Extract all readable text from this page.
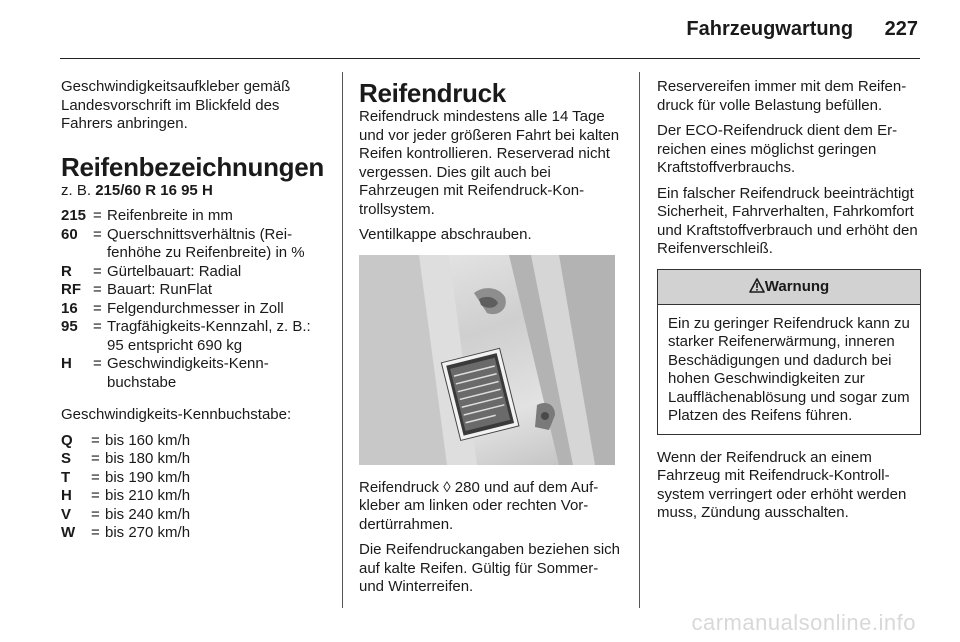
Fahrzeugwartung 227

Geschwindigkeitsaufkleber gemäß Landesvorschrift im Blickfeld des Fahrers anbringen.

Reifenbezeichnungen

z. B. 215/60 R 16 95 H

215 = Reifenbreite in mm
60	= Querschnittsverhältnis (Reifenhöhe zu Reifenbreite) in %
R	= Gürtelbauart: Radial
RF = Bauart: RunFlat
16	= Felgendurchmesser in Zoll
95	= Tragfähigkeits-Kennzahl, z. B.: 95 entspricht 690 kg
H	= Geschwindigkeits-Kennbuchstabe

Geschwindigkeits-Kennbuchstabe:

Q	= bis 160 km/h
S	= bis 180 km/h
T	= bis 190 km/h
H	= bis 210 km/h
V	= bis 240 km/h
W	= bis 270 km/h
Reifendruck

Reifendruck mindestens alle 14 Tage und vor jeder größeren Fahrt bei kalten Reifen kontrollieren. Reserverad nicht vergessen. Dies gilt auch bei Fahrzeugen mit Reifendruck-Kontrollsystem.

Ventilkappe abschrauben.

Reifendruck ◊ 280 und auf dem Aufkleber am linken oder rechten Vordertürrahmen.

Die Reifendruckangaben beziehen sich auf kalte Reifen. Gültig für Sommer- und Winterreifen.

Reservereifen immer mit dem Reifendruck für volle Belastung befüllen.

Der ECO-Reifendruck dient dem Erreichen eines möglichst geringen Kraftstoffverbrauchs.

Ein falscher Reifendruck beeinträchtigt Sicherheit, Fahrverhalten, Fahrkomfort und Kraftstoffverbrauch und erhöht den Reifenverschleiß.

Warnung
Ein zu geringer Reifendruck kann zu starker Reifenerwärmung, inneren Beschädigungen und dadurch bei hohen Geschwindigkeiten zur Laufflächenablösung und sogar zum Platzen des Reifens führen.

Wenn der Reifendruck an einem Fahrzeug mit Reifendruck-Kontrollsystem verringert oder erhöht werden muss, Zündung ausschalten.

carmanualsonline.info
